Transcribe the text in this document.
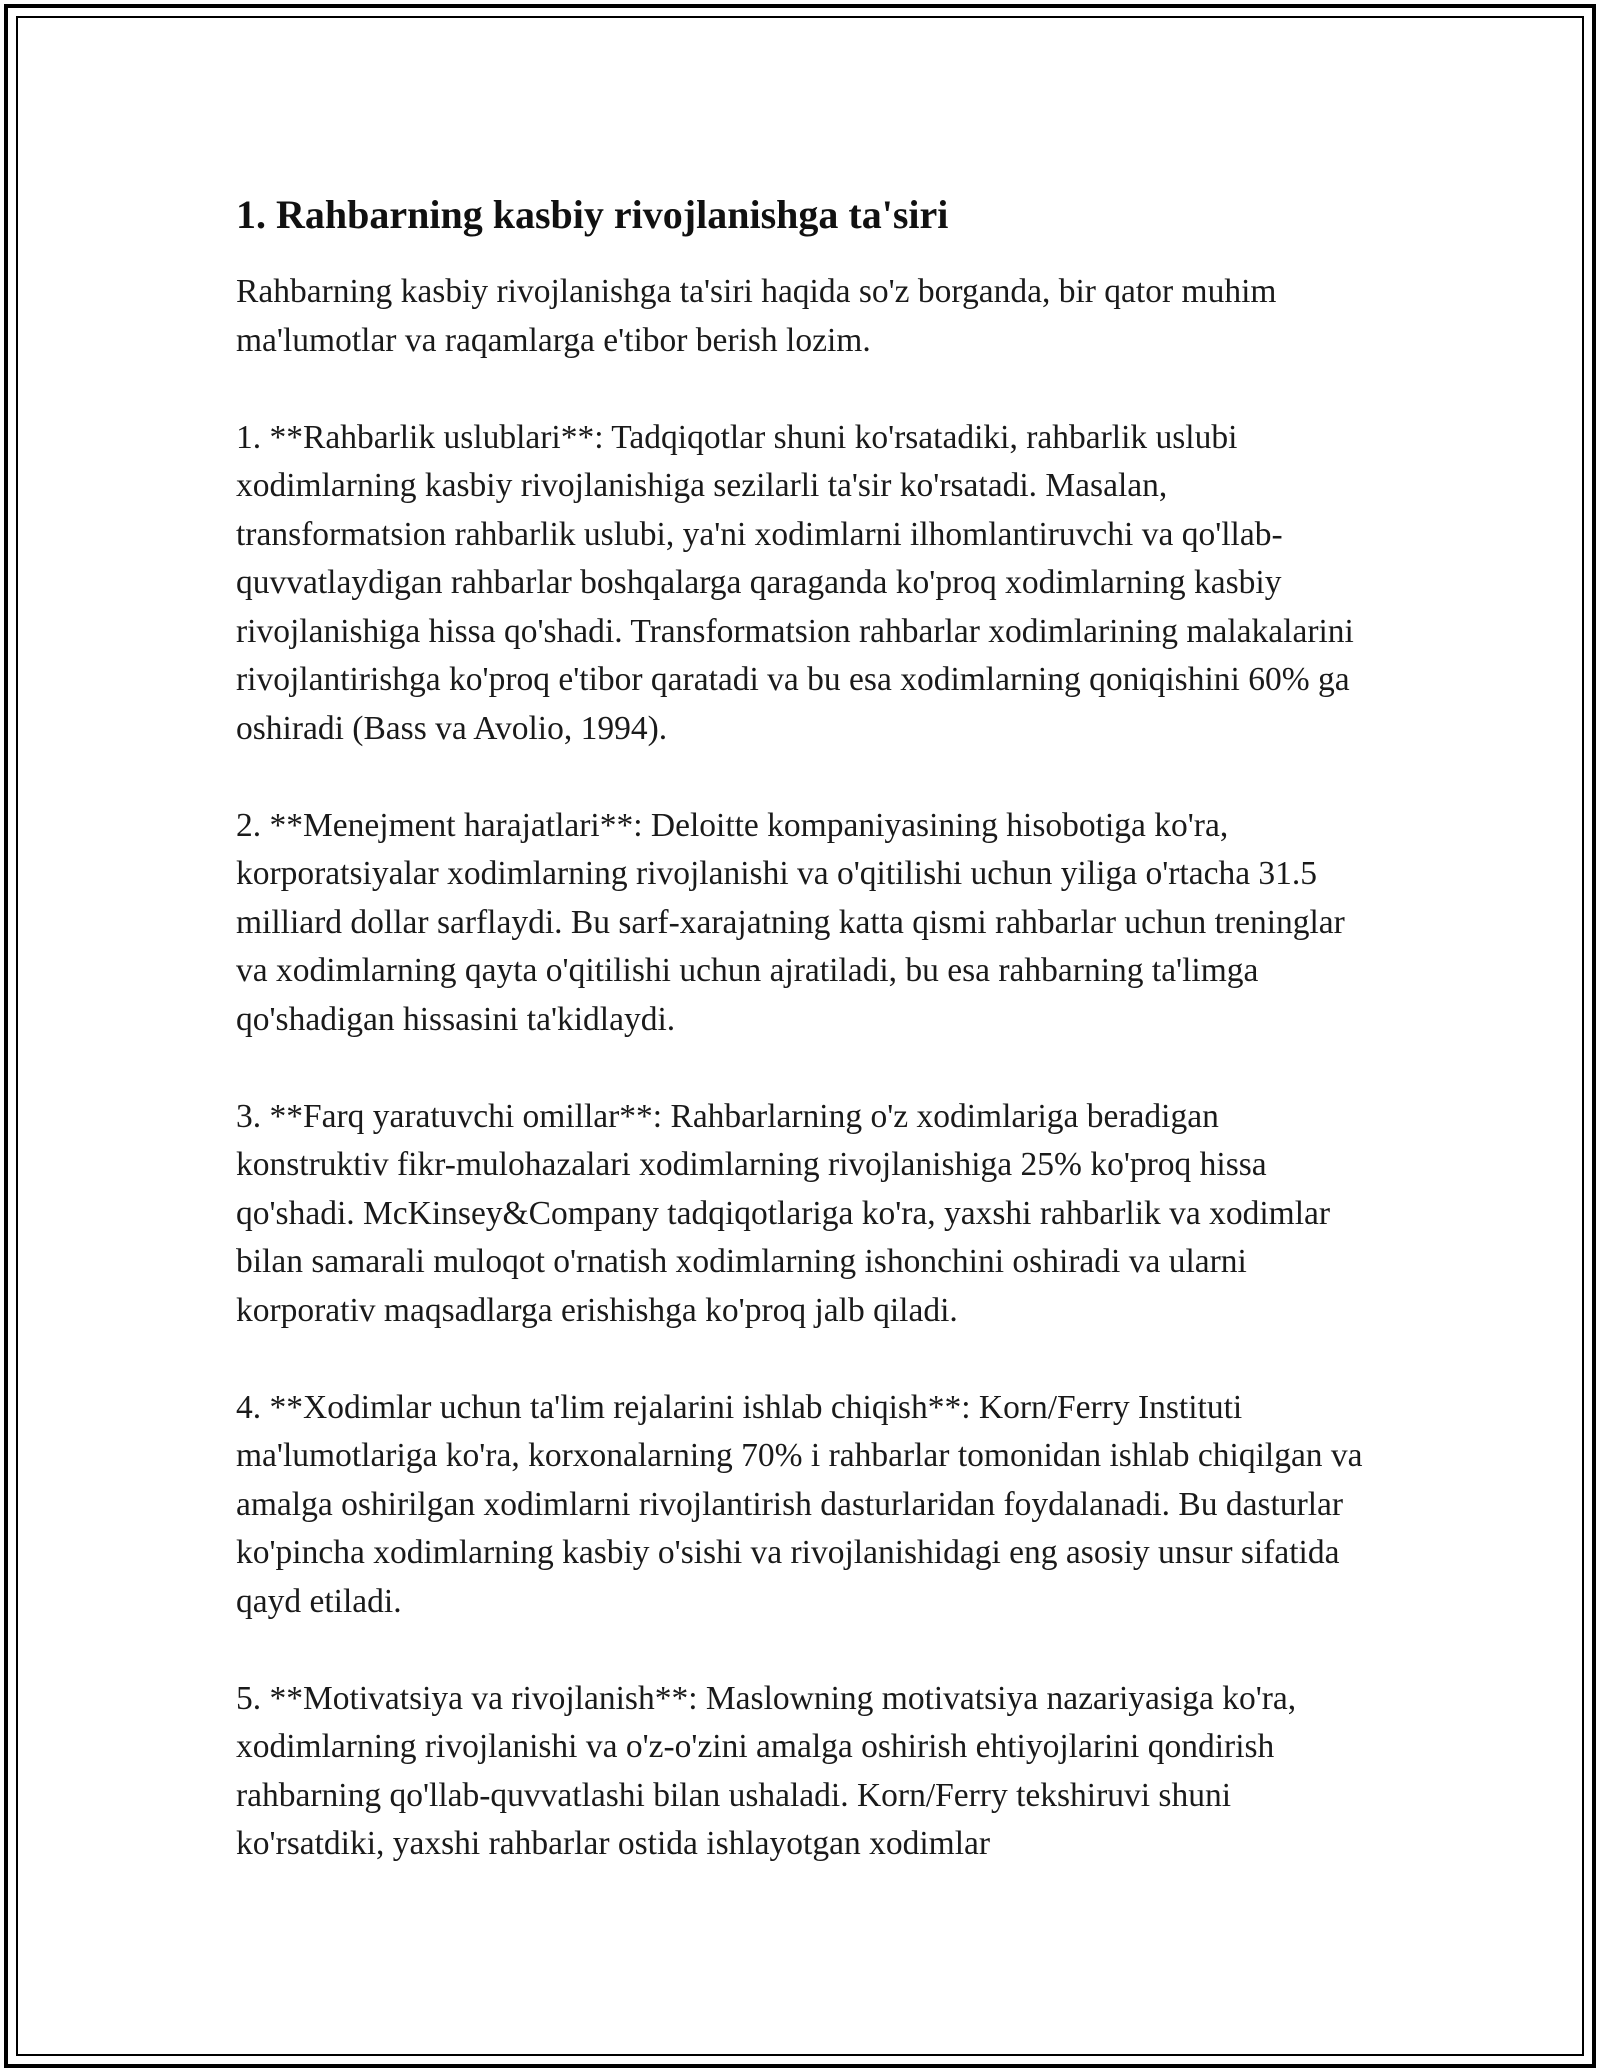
1. Rahbarning kasbiy rivojlanishga ta'siri

Rahbarning kasbiy rivojlanishga ta'siri haqida so'z borganda, bir qator muhim ma'lumotlar va raqamlarga e'tibor berish lozim.

1. **Rahbarlik uslublari**: Tadqiqotlar shuni ko'rsatadiki, rahbarlik uslubi xodimlarning kasbiy rivojlanishiga sezilarli ta'sir ko'rsatadi. Masalan, transformatsion rahbarlik uslubi, ya'ni xodimlarni ilhomlantiruvchi va qo'llab-quvvatlaydigan rahbarlar boshqalarga qaraganda ko'proq xodimlarning kasbiy rivojlanishiga hissa qo'shadi. Transformatsion rahbarlar xodimlarining malakalarini rivojlantirishga ko'proq e'tibor qaratadi va bu esa xodimlarning qoniqishini 60% ga oshiradi (Bass va Avolio, 1994).

2. **Menejment harajatlari**: Deloitte kompaniyasining hisobotiga ko'ra, korporatsiyalar xodimlarning rivojlanishi va o'qitilishi uchun yiliga o'rtacha 31.5 milliard dollar sarflaydi. Bu sarf-xarajatning katta qismi rahbarlar uchun treninglar va xodimlarning qayta o'qitilishi uchun ajratiladi, bu esa rahbarning ta'limga qo'shadigan hissasini ta'kidlaydi.

3. **Farq yaratuvchi omillar**: Rahbarlarning o'z xodimlariga beradigan konstruktiv fikr-mulohazalari xodimlarning rivojlanishiga 25% ko'proq hissa qo'shadi. McKinsey&Company tadqiqotlariga ko'ra, yaxshi rahbarlik va xodimlar bilan samarali muloqot o'rnatish xodimlarning ishonchini oshiradi va ularni korporativ maqsadlarga erishishga ko'proq jalb qiladi.

4. **Xodimlar uchun ta'lim rejalarini ishlab chiqish**: Korn/Ferry Instituti ma'lumotlariga ko'ra, korxonalarning 70% i rahbarlar tomonidan ishlab chiqilgan va amalga oshirilgan xodimlarni rivojlantirish dasturlaridan foydalanadi. Bu dasturlar ko'pincha xodimlarning kasbiy o'sishi va rivojlanishidagi eng asosiy unsur sifatida qayd etiladi.

5. **Motivatsiya va rivojlanish**: Maslowning motivatsiya nazariyasiga ko'ra, xodimlarning rivojlanishi va o'z-o'zini amalga oshirish ehtiyojlarini qondirish rahbarning qo'llab-quvvatlashi bilan ushaladi. Korn/Ferry tekshiruvi shuni ko'rsatdiki, yaxshi rahbarlar ostida ishlayotgan xodimlar
